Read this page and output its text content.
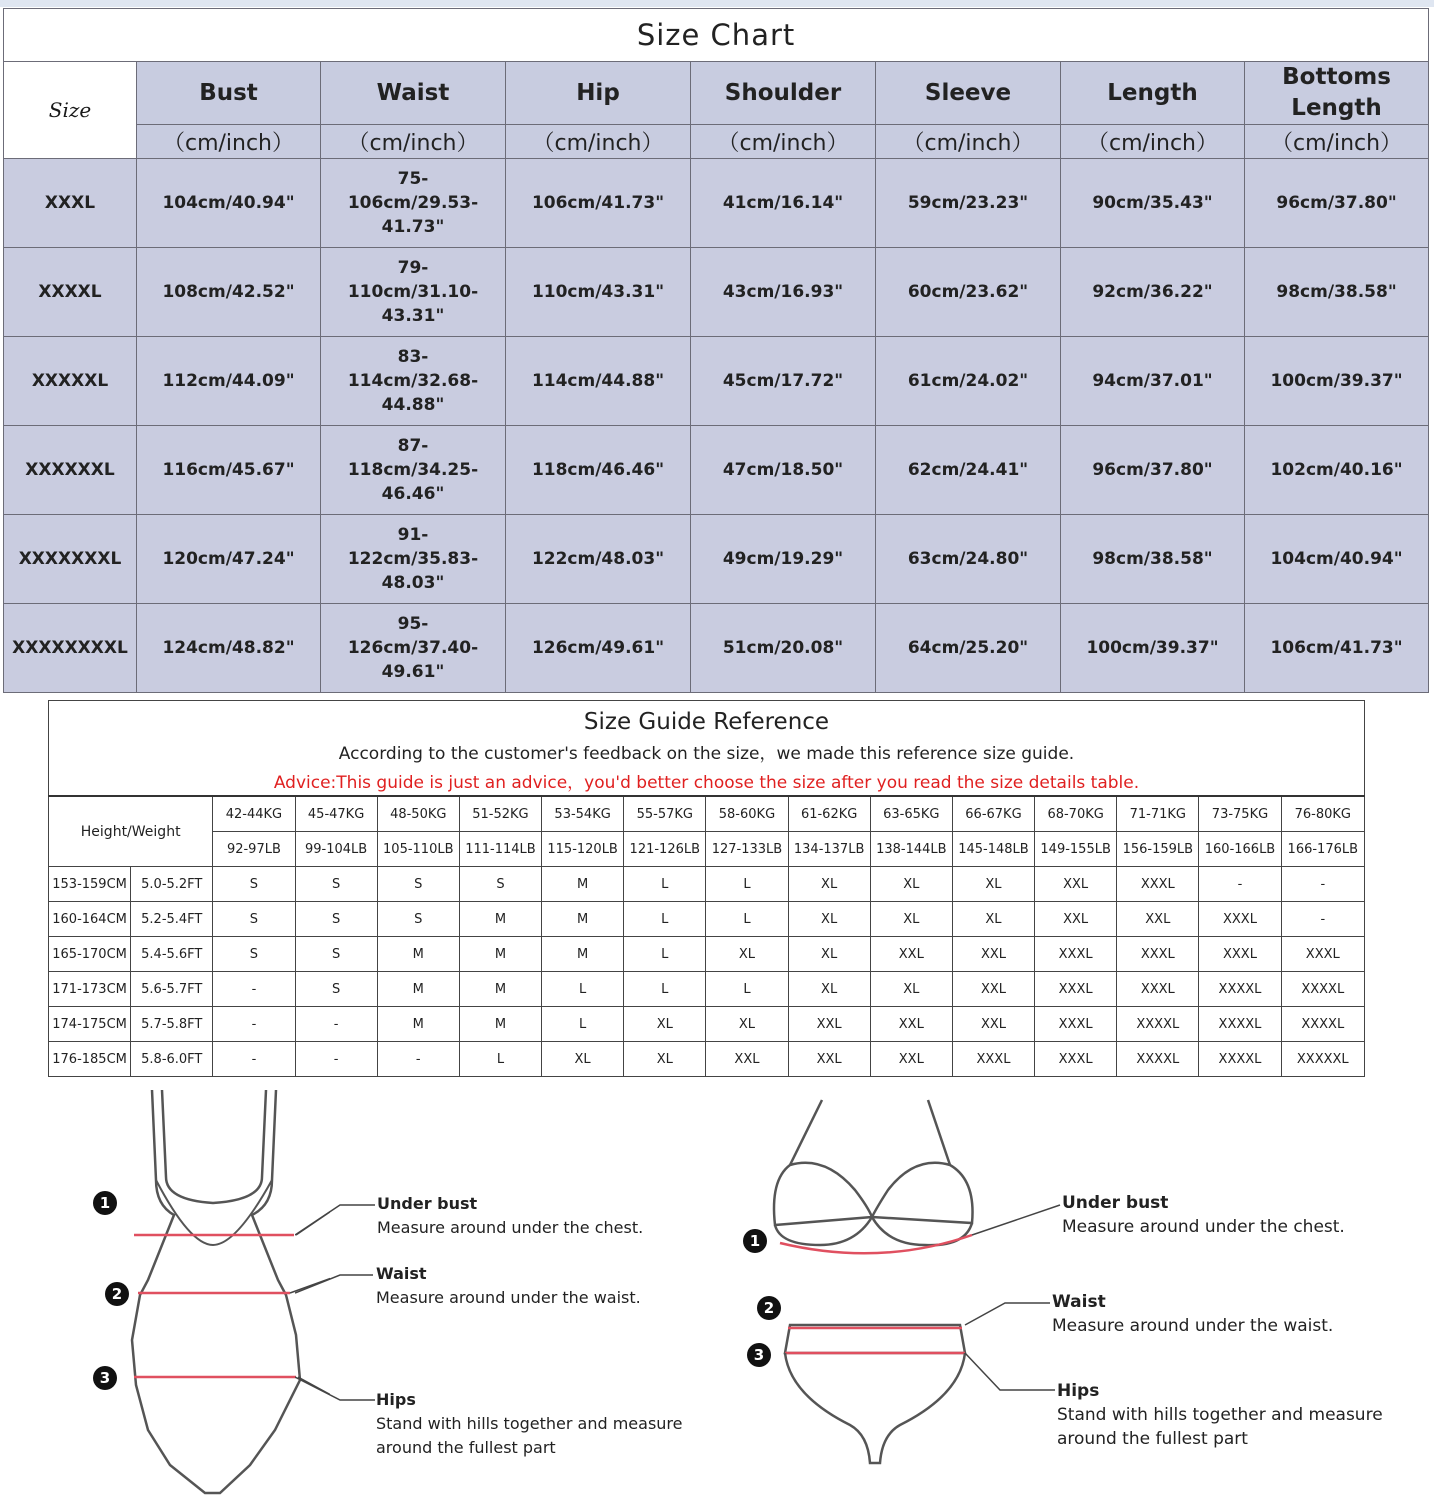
Size Chart							
Size	Bust	Waist	Hip	Shoulder	Sleeve	Length	Bottoms Length
	（cm/inch）	（cm/inch）	（cm/inch）	（cm/inch）	（cm/inch）	（cm/inch）	（cm/inch）
XXXL	104cm/40.94"	75-106cm/29.53-41.73"	106cm/41.73"	41cm/16.14"	59cm/23.23"	90cm/35.43"	96cm/37.80"
XXXXL	108cm/42.52"	79-110cm/31.10-43.31"	110cm/43.31"	43cm/16.93"	60cm/23.62"	92cm/36.22"	98cm/38.58"
XXXXXL	112cm/44.09"	83-114cm/32.68-44.88"	114cm/44.88"	45cm/17.72"	61cm/24.02"	94cm/37.01"	100cm/39.37"
XXXXXXL	116cm/45.67"	87-118cm/34.25-46.46"	118cm/46.46"	47cm/18.50"	62cm/24.41"	96cm/37.80"	102cm/40.16"
XXXXXXXL	120cm/47.24"	91-122cm/35.83-48.03"	122cm/48.03"	49cm/19.29"	63cm/24.80"	98cm/38.58"	104cm/40.94"
XXXXXXXXL	124cm/48.82"	95-126cm/37.40-49.61"	126cm/49.61"	51cm/20.08"	64cm/25.20"	100cm/39.37"	106cm/41.73"
Size Guide Reference
According to the customer's feedback on the size，we made this reference size guide.
Advice:This guide is just an advice，you'd better choose the size after you read the size details table.															

Height/Weight		42-44KG	45-47KG	48-50KG	51-52KG	53-54KG	55-57KG	58-60KG	61-62KG	63-65KG	66-67KG	68-70KG	71-71KG	73-75KG	76-80KG
		92-97LB	99-104LB	105-110LB	111-114LB	115-120LB	121-126LB	127-133LB	134-137LB	138-144LB	145-148LB	149-155LB	156-159LB	160-166LB	166-176LB
153-159CM	5.0-5.2FT	S	S	S	S	M	L	L	XL	XL	XL	XXL	XXXL	-	-
160-164CM	5.2-5.4FT	S	S	S	M	M	L	L	XL	XL	XL	XXL	XXL	XXXL	-
165-170CM	5.4-5.6FT	S	S	M	M	M	L	XL	XL	XXL	XXL	XXXL	XXXL	XXXL	XXXL
171-173CM	5.6-5.7FT	-	S	M	M	L	L	L	XL	XL	XXL	XXXL	XXXL	XXXXL	XXXXL
174-175CM	5.7-5.8FT	-	-	M	M	L	XL	XL	XXL	XXL	XXL	XXXL	XXXXL	XXXXL	XXXXL
176-185CM	5.8-6.0FT	-	-	-	L	XL	XL	XXL	XXL	XXL	XXXL	XXXL	XXXXL	XXXXL	XXXXXL
1
2
3
Under bust
Measure around under the chest.
Waist
Measure around under the waist.
Hips
Stand with hills together and measure
around the fullest part
1
2
3
Under bust
Measure around under the chest.
Waist
Measure around under the waist.
Hips
Stand with hills together and measure
around the fullest part
